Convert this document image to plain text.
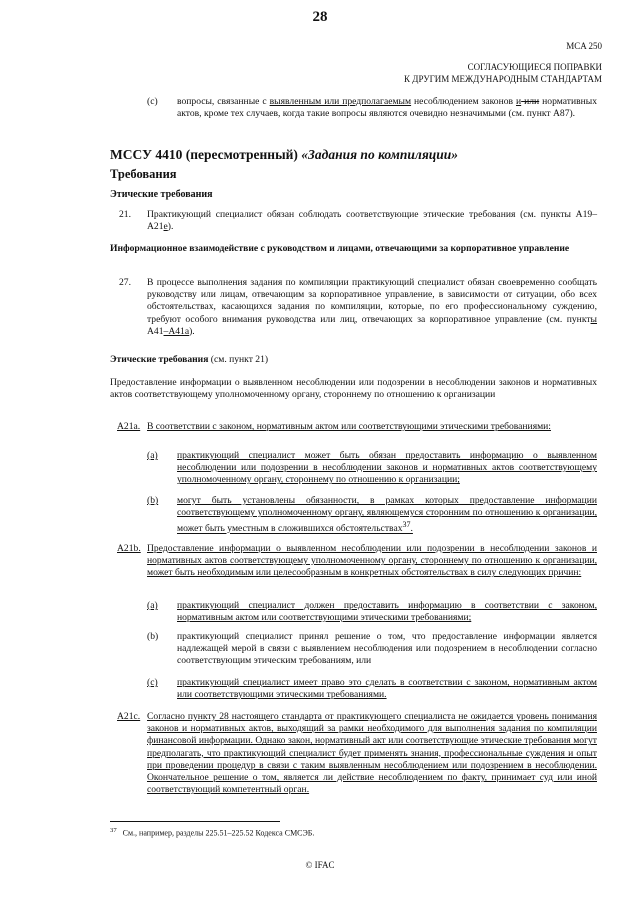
28
MCA 250
СОГЛАСУЮЩИЕСЯ ПОПРАВКИ
К ДРУГИМ МЕЖДУНАРОДНЫМ СТАНДАРТАМ
(c) вопросы, связанные с выявленным или предполагаемым несоблюдением законов и или нормативных актов, кроме тех случаев, когда такие вопросы являются очевидно незначимыми (см. пункт А87).
МССУ 4410 (пересмотренный) «Задания по компиляции»
Требования
Этические требования
21. Практикующий специалист обязан соблюдать соответствующие этические требования (см. пункты А19–А21е).
Информационное взаимодействие с руководством и лицами, отвечающими за корпоративное управление
27. В процессе выполнения задания по компиляции практикующий специалист обязан своевременно сообщать руководству или лицам, отвечающим за корпоративное управление, в зависимости от ситуации, обо всех обстоятельствах, касающихся задания по компиляции, которые, по его профессиональному суждению, требуют особого внимания руководства или лиц, отвечающих за корпоративное управление (см. пункты А41–А41а).
Этические требования (см. пункт 21)
Предоставление информации о выявленном несоблюдении или подозрении в несоблюдении законов и нормативных актов соответствующему уполномоченному органу, стороннему по отношению к организации
А21а. В соответствии с законом, нормативным актом или соответствующими этическими требованиями:
(a) практикующий специалист может быть обязан предоставить информацию о выявленном несоблюдении или подозрении в несоблюдении законов и нормативных актов соответствующему уполномоченному органу, стороннему по отношению к организации;
(b) могут быть установлены обязанности, в рамках которых предоставление информации соответствующему уполномоченному органу, являющемуся сторонним по отношению к организации, может быть уместным в сложившихся обстоятельствах$^{37}$.
А21b. Предоставление информации о выявленном несоблюдении или подозрении в несоблюдении законов и нормативных актов соответствующему уполномоченному органу, стороннему по отношению к организации, может быть необходимым или целесообразным в конкретных обстоятельствах в силу следующих причин:
(a) практикующий специалист должен предоставить информацию в соответствии с законом, нормативным актом или соответствующими этическими требованиями;
(b) практикующий специалист принял решение о том, что предоставление информации является надлежащей мерой в связи с выявлением несоблюдения или подозрением в несоблюдении согласно соответствующим этическим требованиям, или
(c) практикующий специалист имеет право это сделать в соответствии с законом, нормативным актом или соответствующими этическими требованиями.
А21с. Согласно пункту 28 настоящего стандарта от практикующего специалиста не ожидается уровень понимания законов и нормативных актов, выходящий за рамки необходимого для выполнения задания по компиляции финансовой информации. Однако закон, нормативный акт или соответствующие этические требования могут предполагать, что практикующий специалист будет применять знания, профессиональные суждения и опыт при проведении процедур в связи с таким выявленным несоблюдением или подозрением в несоблюдении. Окончательное решение о том, является ли действие несоблюдением по факту, принимает суд или иной соответствующий компетентный орган.
$^{37}$ См., например, разделы 225.51–225.52 Кодекса СМСЭБ.
© IFAC
